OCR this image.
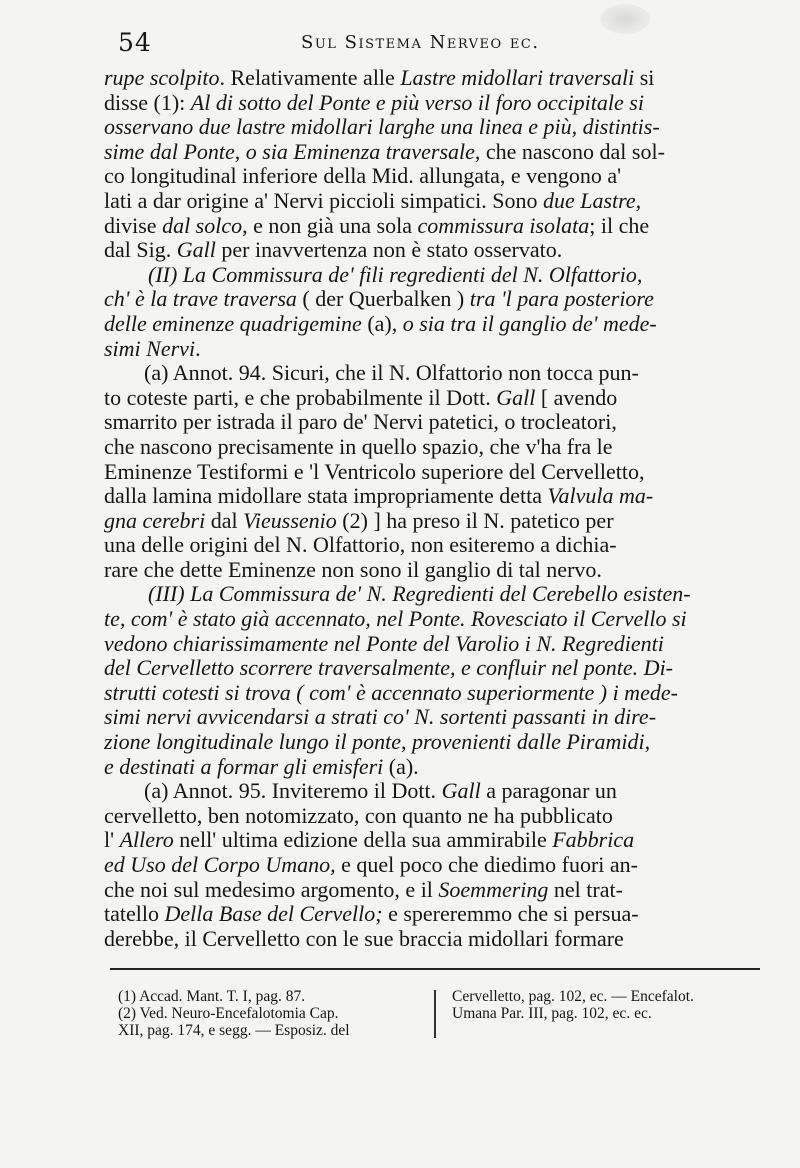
54	Sul Sistema Nerveo ec.
rupe scolpito. Relativamente alle Lastre midollari traversali si
disse (1): Al di sotto del Ponte e più verso il foro occipitale si
osservano due lastre midollari larghe una linea e più, distintis-
sime dal Ponte, o sia Eminenza traversale, che nascono dal sol-
co longitudinal inferiore della Mid. allungata, e vengono a'
lati a dar origine a' Nervi piccioli simpatici. Sono due Lastre,
divise dal solco, e non già una sola commissura isolata; il che
dal Sig. Gall per inavvertenza non è stato osservato.
(II) La Commissura de' fili regredienti del N. Olfattorio,
ch' è la trave traversa ( der Querbalken ) tra 'l para posteriore
delle eminenze quadrigemine (a), o sia tra il ganglio de' mede-
simi Nervi.
(a) Annot. 94. Sicuri, che il N. Olfattorio non tocca pun-
to coteste parti, e che probabilmente il Dott. Gall [ avendo
smarrito per istrada il paro de' Nervi patetici, o trocleatori,
che nascono precisamente in quello spazio, che v'ha fra le
Eminenze Testiformi e 'l Ventricolo superiore del Cervelletto,
dalla lamina midollare stata impropriamente detta Valvula ma-
gna cerebri dal Vieussenio (2) ] ha preso il N. patetico per
una delle origini del N. Olfattorio, non esiteremo a dichia-
rare che dette Eminenze non sono il ganglio di tal nervo.
(III) La Commissura de' N. Regredienti del Cerebello esisten-
te, com' è stato già accennato, nel Ponte. Rovesciato il Cervello si
vedono chiarissimamente nel Ponte del Varolio i N. Regredienti
del Cervelletto scorrere traversalmente, e confluir nel ponte. Di-
strutti cotesti si trova ( com' è accennato superiormente ) i mede-
simi nervi avvicendarsi a strati co' N. sortenti passanti in dire-
zione longitudinale lungo il ponte, provenienti dalle Piramidi,
e destinati a formar gli emisferi (a).
(a) Annot. 95. Inviteremo il Dott. Gall a paragonar un
cervelletto, ben notomizzato, con quanto ne ha pubblicato
l' Allero nell' ultima edizione della sua ammirabile Fabbrica
ed Uso del Corpo Umano, e quel poco che diedimo fuori an-
che noi sul medesimo argomento, e il Soemmering nel trat-
tatello Della Base del Cervello; e spereremmo che si persua-
derebbe, il Cervelletto con le sue braccia midollari formare
(1) Accad. Mant. T. I, pag. 87.
(2) Ved. Neuro-Encefalotomia Cap.
XII, pag. 174, e segg. — Esposiz. del
Cervelletto, pag. 102, ec. — Encefalot.
Umana Par. III, pag. 102, ec. ec.
